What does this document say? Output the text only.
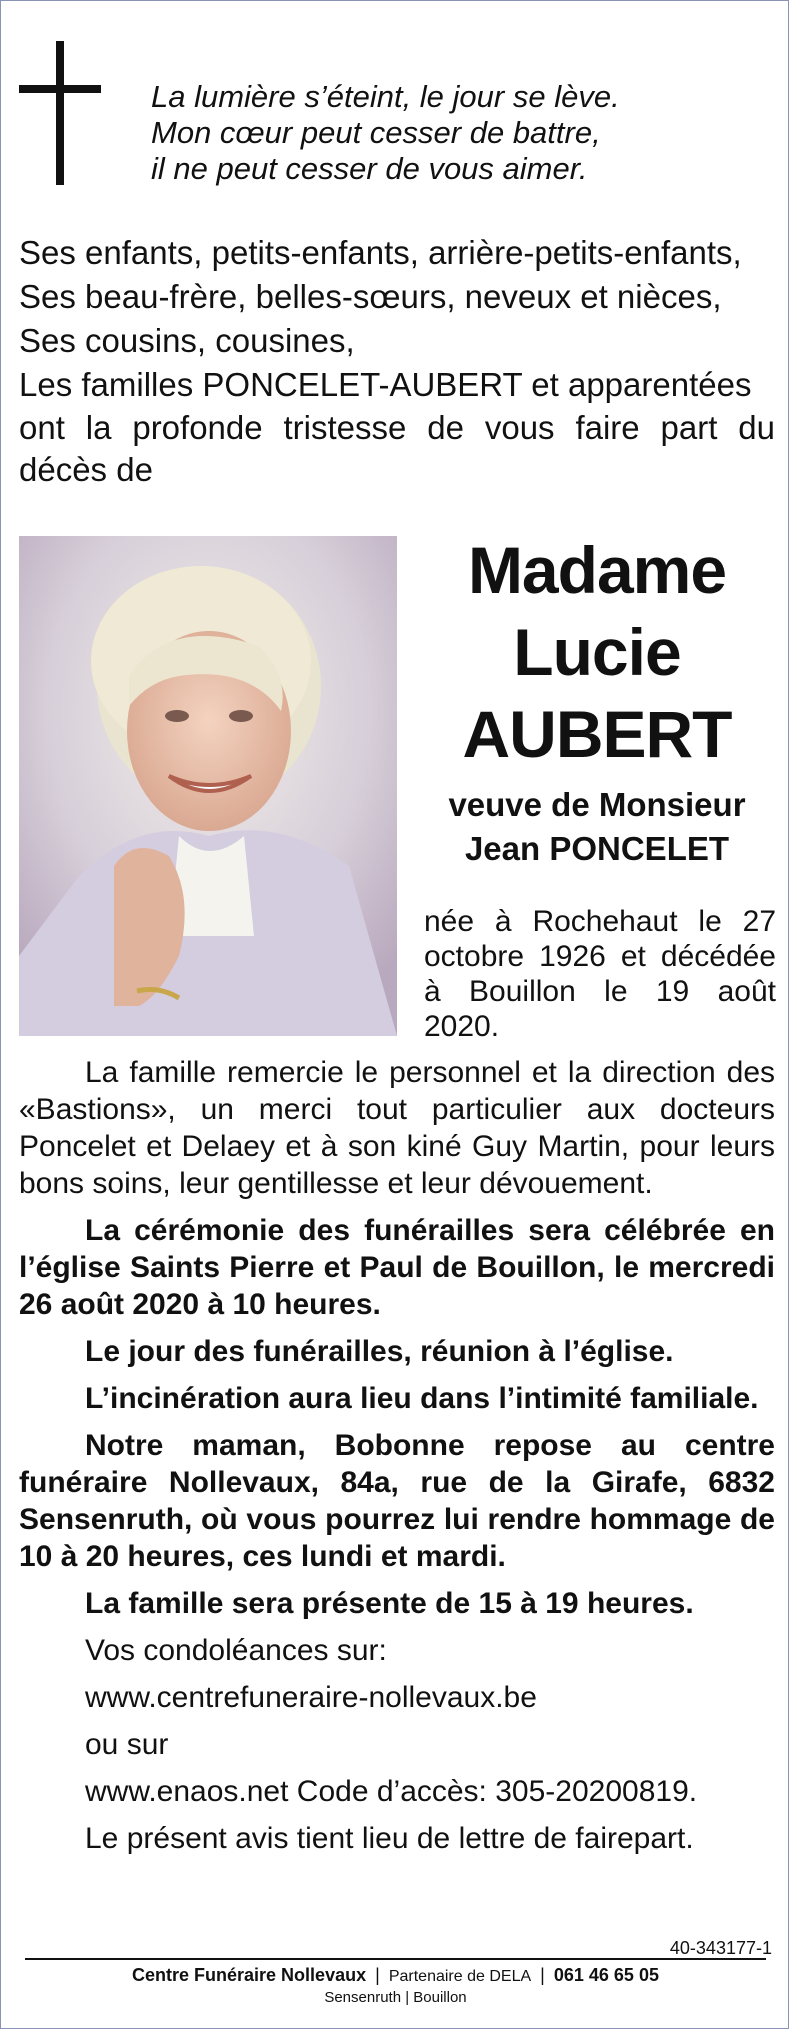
La lumière s’éteint, le jour se lève.
Mon cœur peut cesser de battre,
il ne peut cesser de vous aimer.
Ses enfants, petits-enfants, arrière-petits-enfants,
Ses beau-frère, belles-sœurs, neveux et nièces,
Ses cousins, cousines,
Les familles PONCELET-AUBERT et apparentées
ont la profonde tristesse de vous faire part du décès de
Madame
Lucie
AUBERT
veuve de Monsieur
Jean PONCELET
née à Rochehaut le 27 octobre 1926 et décédée à Bouillon le 19 août 2020.

La famille remercie le personnel et la direction des «Bastions», un merci tout particulier aux docteurs Poncelet et Delaey et à son kiné Guy Martin, pour leurs bons soins, leur gentillesse et leur dévouement.

La cérémonie des funérailles sera célébrée en l’église Saints Pierre et Paul de Bouillon, le mercredi 26 août 2020 à 10 heures.

Le jour des funérailles, réunion à l’église.

L’incinération aura lieu dans l’intimité familiale.

Notre maman, Bobonne repose au centre funéraire Nollevaux, 84a, rue de la Girafe, 6832 Sensenruth, où vous pourrez lui rendre hommage de 10 à 20 heures, ces lundi et mardi.

La famille sera présente de 15 à 19 heures.

Vos condoléances sur:

www.centrefuneraire-nollevaux.be

ou sur

www.enaos.net Code d’accès: 305-20200819.

Le présent avis tient lieu de lettre de fairepart.

40-343177-1
Centre Funéraire Nollevaux | Partenaire de DELA | 061 46 65 05
Sensenruth | Bouillon
